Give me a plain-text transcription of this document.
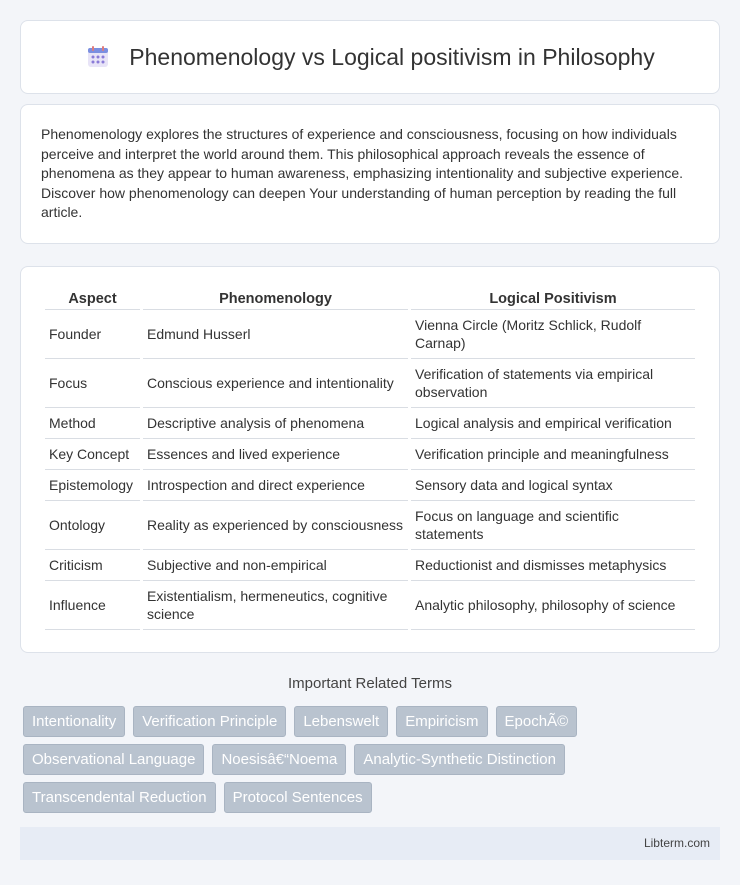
Phenomenology vs Logical positivism in Philosophy

Phenomenology explores the structures of experience and consciousness, focusing on how individuals perceive and interpret the world around them. This philosophical approach reveals the essence of phenomena as they appear to human awareness, emphasizing intentionality and subjective experience. Discover how phenomenology can deepen Your understanding of human perception by reading the full article.

Aspect	Phenomenology	Logical Positivism
Founder	Edmund Husserl	Vienna Circle (Moritz Schlick, Rudolf Carnap)
Focus	Conscious experience and intentionality	Verification of statements via empirical observation
Method	Descriptive analysis of phenomena	Logical analysis and empirical verification
Key Concept	Essences and lived experience	Verification principle and meaningfulness
Epistemology	Introspection and direct experience	Sensory data and logical syntax
Ontology	Reality as experienced by consciousness	Focus on language and scientific statements
Criticism	Subjective and non-empirical	Reductionist and dismisses metaphysics
Influence	Existentialism, hermeneutics, cognitive science	Analytic philosophy, philosophy of science
Important Related Terms
Intentionality	Verification Principle	Lebenswelt	Empiricism	EpochÃ©
Observational Language	Noesisâ€“Noema	Analytic-Synthetic Distinction
Transcendental Reduction	Protocol Sentences
Libterm.com
